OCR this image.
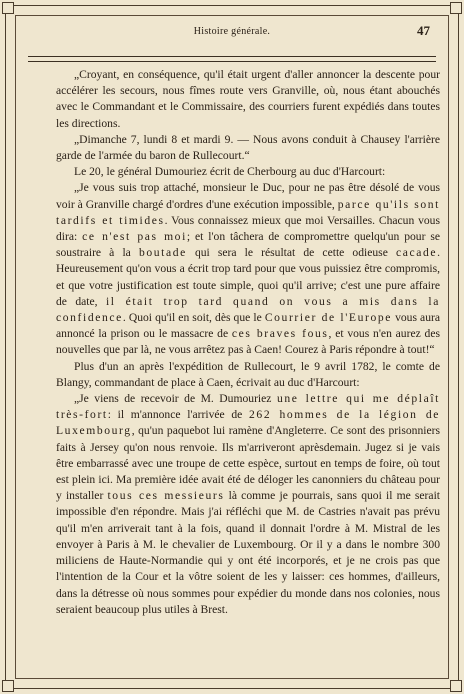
Histoire générale.	47

„Croyant, en conséquence, qu'il était urgent d'aller annoncer la descente pour accélérer les secours, nous fîmes route vers Granville, où, nous étant abouchés avec le Commandant et le Commissaire, des courriers furent expédiés dans toutes les directions.

„Dimanche 7, lundi 8 et mardi 9. — Nous avons conduit à Chausey l'arrière garde de l'armée du baron de Rullecourt.“

Le 20, le général Dumouriez écrit de Cherbourg au duc d'Harcourt:

„Je vous suis trop attaché, monsieur le Duc, pour ne pas être désolé de vous voir à Granville chargé d'ordres d'une exécution impossible, parce qu'ils sont tardifs et timides. Vous connaissez mieux que moi Versailles. Chacun vous dira: ce n'est pas moi; et l'on tâchera de compromettre quelqu'un pour se soustraire à la boutade qui sera le résultat de cette odieuse cacade. Heureusement qu'on vous a écrit trop tard pour que vous puissiez être compromis, et que votre justification est toute simple, quoi qu'il arrive; c'est une pure affaire de date, il était trop tard quand on vous a mis dans la confidence. Quoi qu'il en soit, dès que le Courrier de l'Europe vous aura annoncé la prison ou le massacre de ces braves fous, et vous n'en aurez des nouvelles que par là, ne vous arrêtez pas à Caen! Courez à Paris répondre à tout!“

Plus d'un an après l'expédition de Rullecourt, le 9 avril 1782, le comte de Blangy, commandant de place à Caen, écrivait au duc d'Harcourt:

„Je viens de recevoir de M. Dumouriez une lettre qui me déplaît très-fort: il m'annonce l'arrivée de 262 hommes de la légion de Luxembourg, qu'un paquebot lui ramène d'Angleterre. Ce sont des prisonniers faits à Jersey qu'on nous renvoie. Ils m'arriveront aprèsdemain. Jugez si je vais être embarrassé avec une troupe de cette espèce, surtout en temps de foire, où tout est plein ici. Ma première idée avait été de déloger les canonniers du château pour y installer tous ces messieurs là comme je pourrais, sans quoi il me serait impossible d'en répondre. Mais j'ai réfléchi que M. de Castries n'avait pas prévu qu'il m'en arriverait tant à la fois, quand il donnait l'ordre à M. Mistral de les envoyer à Paris à M. le chevalier de Luxembourg. Or il y a dans le nombre 300 miliciens de Haute-Normandie qui y ont été incorporés, et je ne crois pas que l'intention de la Cour et la vôtre soient de les y laisser: ces hommes, d'ailleurs, dans la détresse où nous sommes pour expédier du monde dans nos colonies, nous seraient beaucoup plus utiles à Brest.
